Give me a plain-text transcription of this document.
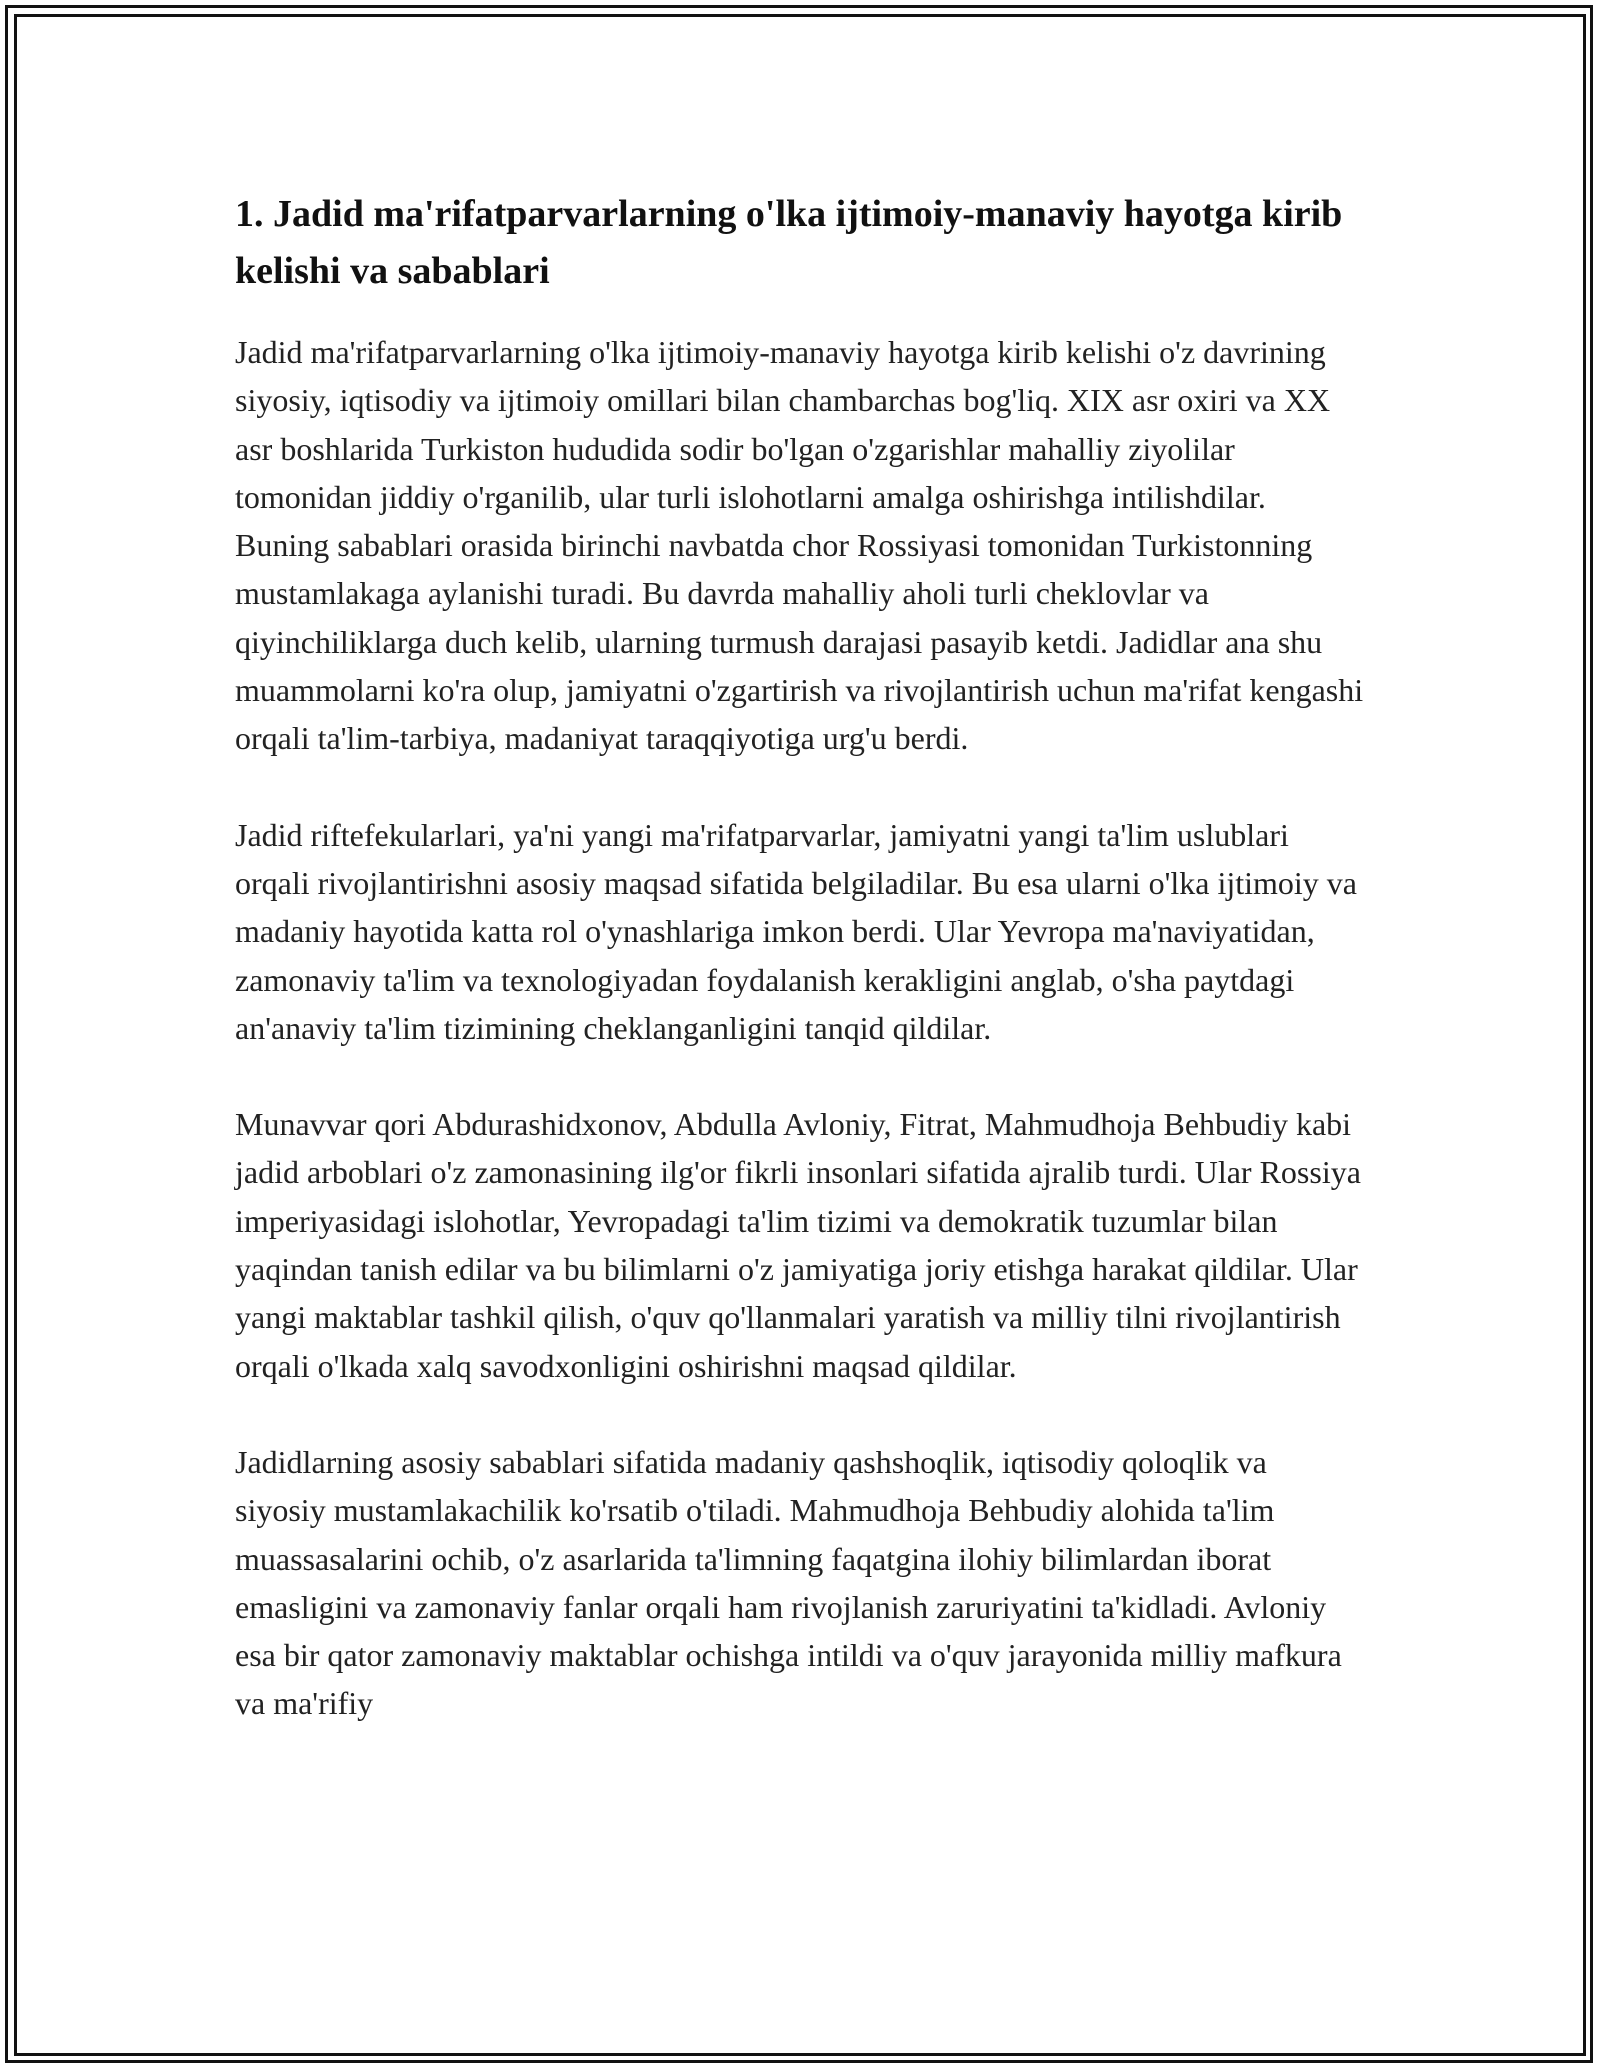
1. Jadid ma'rifatparvarlarning o'lka ijtimoiy-manaviy hayotga kirib kelishi va sabablari

Jadid ma'rifatparvarlarning o'lka ijtimoiy-manaviy hayotga kirib kelishi o'z davrining siyosiy, iqtisodiy va ijtimoiy omillari bilan chambarchas bog'liq. XIX asr oxiri va XX asr boshlarida Turkiston hududida sodir bo'lgan o'zgarishlar mahalliy ziyolilar tomonidan jiddiy o'rganilib, ular turli islohotlarni amalga oshirishga intilishdilar. Buning sabablari orasida birinchi navbatda chor Rossiyasi tomonidan Turkistonning mustamlakaga aylanishi turadi. Bu davrda mahalliy aholi turli cheklovlar va qiyinchiliklarga duch kelib, ularning turmush darajasi pasayib ketdi. Jadidlar ana shu muammolarni ko'ra olup, jamiyatni o'zgartirish va rivojlantirish uchun ma'rifat kengashi orqali ta'lim-tarbiya, madaniyat taraqqiyotiga urg'u berdi.

Jadid riftefekularlari, ya'ni yangi ma'rifatparvarlar, jamiyatni yangi ta'lim uslublari orqali rivojlantirishni asosiy maqsad sifatida belgiladilar. Bu esa ularni o'lka ijtimoiy va madaniy hayotida katta rol o'ynashlariga imkon berdi. Ular Yevropa ma'naviyatidan, zamonaviy ta'lim va texnologiyadan foydalanish kerakligini anglab, o'sha paytdagi an'anaviy ta'lim tizimining cheklanganligini tanqid qildilar.

Munavvar qori Abdurashidxonov, Abdulla Avloniy, Fitrat, Mahmudhoja Behbudiy kabi jadid arboblari o'z zamonasining ilg'or fikrli insonlari sifatida ajralib turdi. Ular Rossiya imperiyasidagi islohotlar, Yevropadagi ta'lim tizimi va demokratik tuzumlar bilan yaqindan tanish edilar va bu bilimlarni o'z jamiyatiga joriy etishga harakat qildilar. Ular yangi maktablar tashkil qilish, o'quv qo'llanmalari yaratish va milliy tilni rivojlantirish orqali o'lkada xalq savodxonligini oshirishni maqsad qildilar.

Jadidlarning asosiy sabablari sifatida madaniy qashshoqlik, iqtisodiy qoloqlik va siyosiy mustamlakachilik ko'rsatib o'tiladi. Mahmudhoja Behbudiy alohida ta'lim muassasalarini ochib, o'z asarlarida ta'limning faqatgina ilohiy bilimlardan iborat emasligini va zamonaviy fanlar orqali ham rivojlanish zaruriyatini ta'kidladi. Avloniy esa bir qator zamonaviy maktablar ochishga intildi va o'quv jarayonida milliy mafkura va ma'rifiy
